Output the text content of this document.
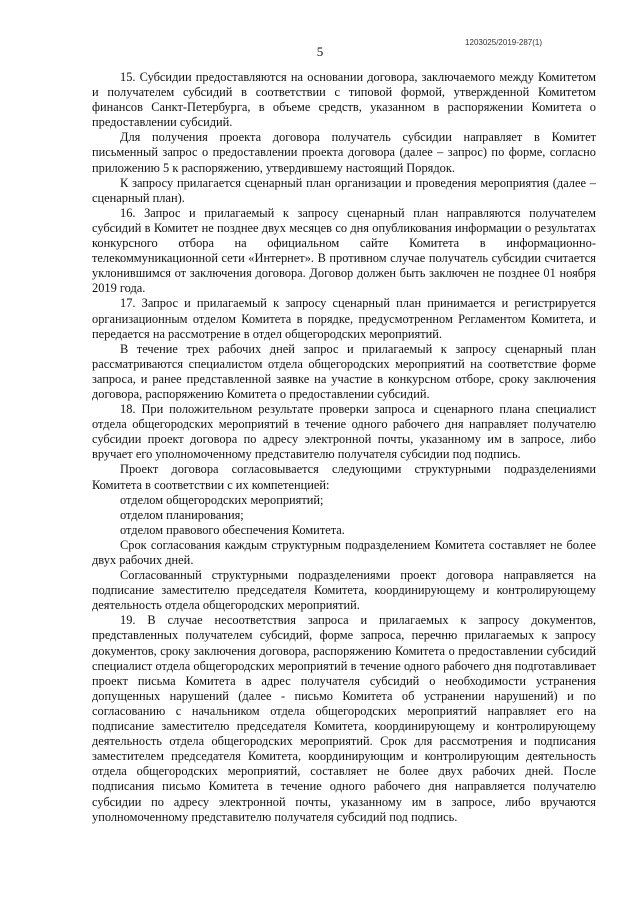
1203025/2019-287(1)
5

15. Субсидии предоставляются на основании договора, заключаемого между Комитетом и получателем субсидий в соответствии с типовой формой, утвержденной Комитетом финансов Санкт-Петербурга, в объеме средств, указанном в распоряжении Комитета о предоставлении субсидий.

Для получения проекта договора получатель субсидии направляет в Комитет письменный запрос о предоставлении проекта договора (далее – запрос) по форме, согласно приложению 5 к распоряжению, утвердившему настоящий Порядок.

К запросу прилагается сценарный план организации и проведения мероприятия (далее – сценарный план).

16. Запрос и прилагаемый к запросу сценарный план направляются получателем субсидий в Комитет не позднее двух месяцев со дня опубликования информации о результатах конкурсного отбора на официальном сайте Комитета в информационно-телекоммуникационной сети «Интернет». В противном случае получатель субсидии считается уклонившимся от заключения договора. Договор должен быть заключен не позднее 01 ноября 2019 года.

17. Запрос и прилагаемый к запросу сценарный план принимается и регистрируется организационным отделом Комитета в порядке, предусмотренном Регламентом Комитета, и передается на рассмотрение в отдел общегородских мероприятий.

В течение трех рабочих дней запрос и прилагаемый к запросу сценарный план рассматриваются специалистом отдела общегородских мероприятий на соответствие форме запроса, и ранее представленной заявке на участие в конкурсном отборе, сроку заключения договора, распоряжению Комитета о предоставлении субсидий.

18. При положительном результате проверки запроса и сценарного плана специалист отдела общегородских мероприятий в течение одного рабочего дня направляет получателю субсидии проект договора по адресу электронной почты, указанному им в запросе, либо вручает его уполномоченному представителю получателя субсидии под подпись.

Проект договора согласовывается следующими структурными подразделениями Комитета в соответствии с их компетенцией:

отделом общегородских мероприятий;

отделом планирования;

отделом правового обеспечения Комитета.

Срок согласования каждым структурным подразделением Комитета составляет не более двух рабочих дней.

Согласованный структурными подразделениями проект договора направляется на подписание заместителю председателя Комитета, координирующему и контролирующему деятельность отдела общегородских мероприятий.

19. В случае несоответствия запроса и прилагаемых к запросу документов, представленных получателем субсидий, форме запроса, перечню прилагаемых к запросу документов, сроку заключения договора, распоряжению Комитета о предоставлении субсидий специалист отдела общегородских мероприятий в течение одного рабочего дня подготавливает проект письма Комитета в адрес получателя субсидий о необходимости устранения допущенных нарушений (далее - письмо Комитета об устранении нарушений) и по согласованию с начальником отдела общегородских мероприятий направляет его на подписание заместителю председателя Комитета, координирующему и контролирующему деятельность отдела общегородских мероприятий. Срок для рассмотрения и подписания заместителем председателя Комитета, координирующим и контролирующим деятельность отдела общегородских мероприятий, составляет не более двух рабочих дней. После подписания письмо Комитета в течение одного рабочего дня направляется получателю субсидии по адресу электронной почты, указанному им в запросе, либо вручаются уполномоченному представителю получателя субсидий под подпись.
